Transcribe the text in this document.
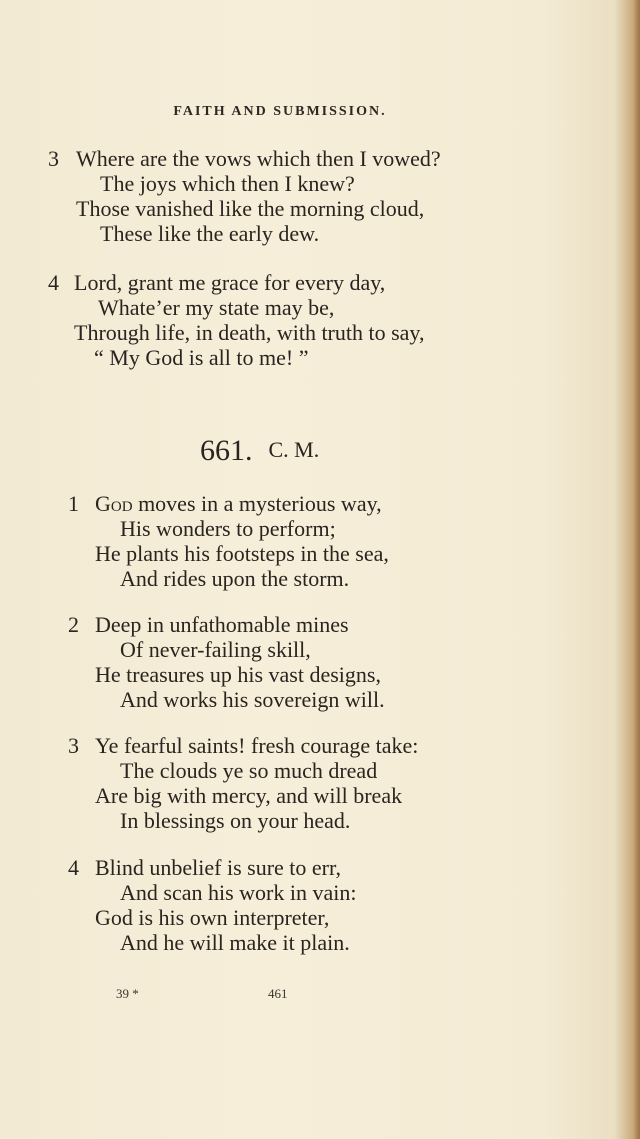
FAITH AND SUBMISSION.
3 Where are the vows which then I vowed?
The joys which then I knew?
Those vanished like the morning cloud,
These like the early dew.
4 Lord, grant me grace for every day,
Whate’er my state may be,
Through life, in death, with truth to say,
“ My God is all to me! ”
661. C. M.
1 God moves in a mysterious way,
His wonders to perform;
He plants his footsteps in the sea,
And rides upon the storm.
2 Deep in unfathomable mines
Of never-failing skill,
He treasures up his vast designs,
And works his sovereign will.
3 Ye fearful saints! fresh courage take:
The clouds ye so much dread
Are big with mercy, and will break
In blessings on your head.
4 Blind unbelief is sure to err,
And scan his work in vain:
God is his own interpreter,
And he will make it plain.
39 *	461
